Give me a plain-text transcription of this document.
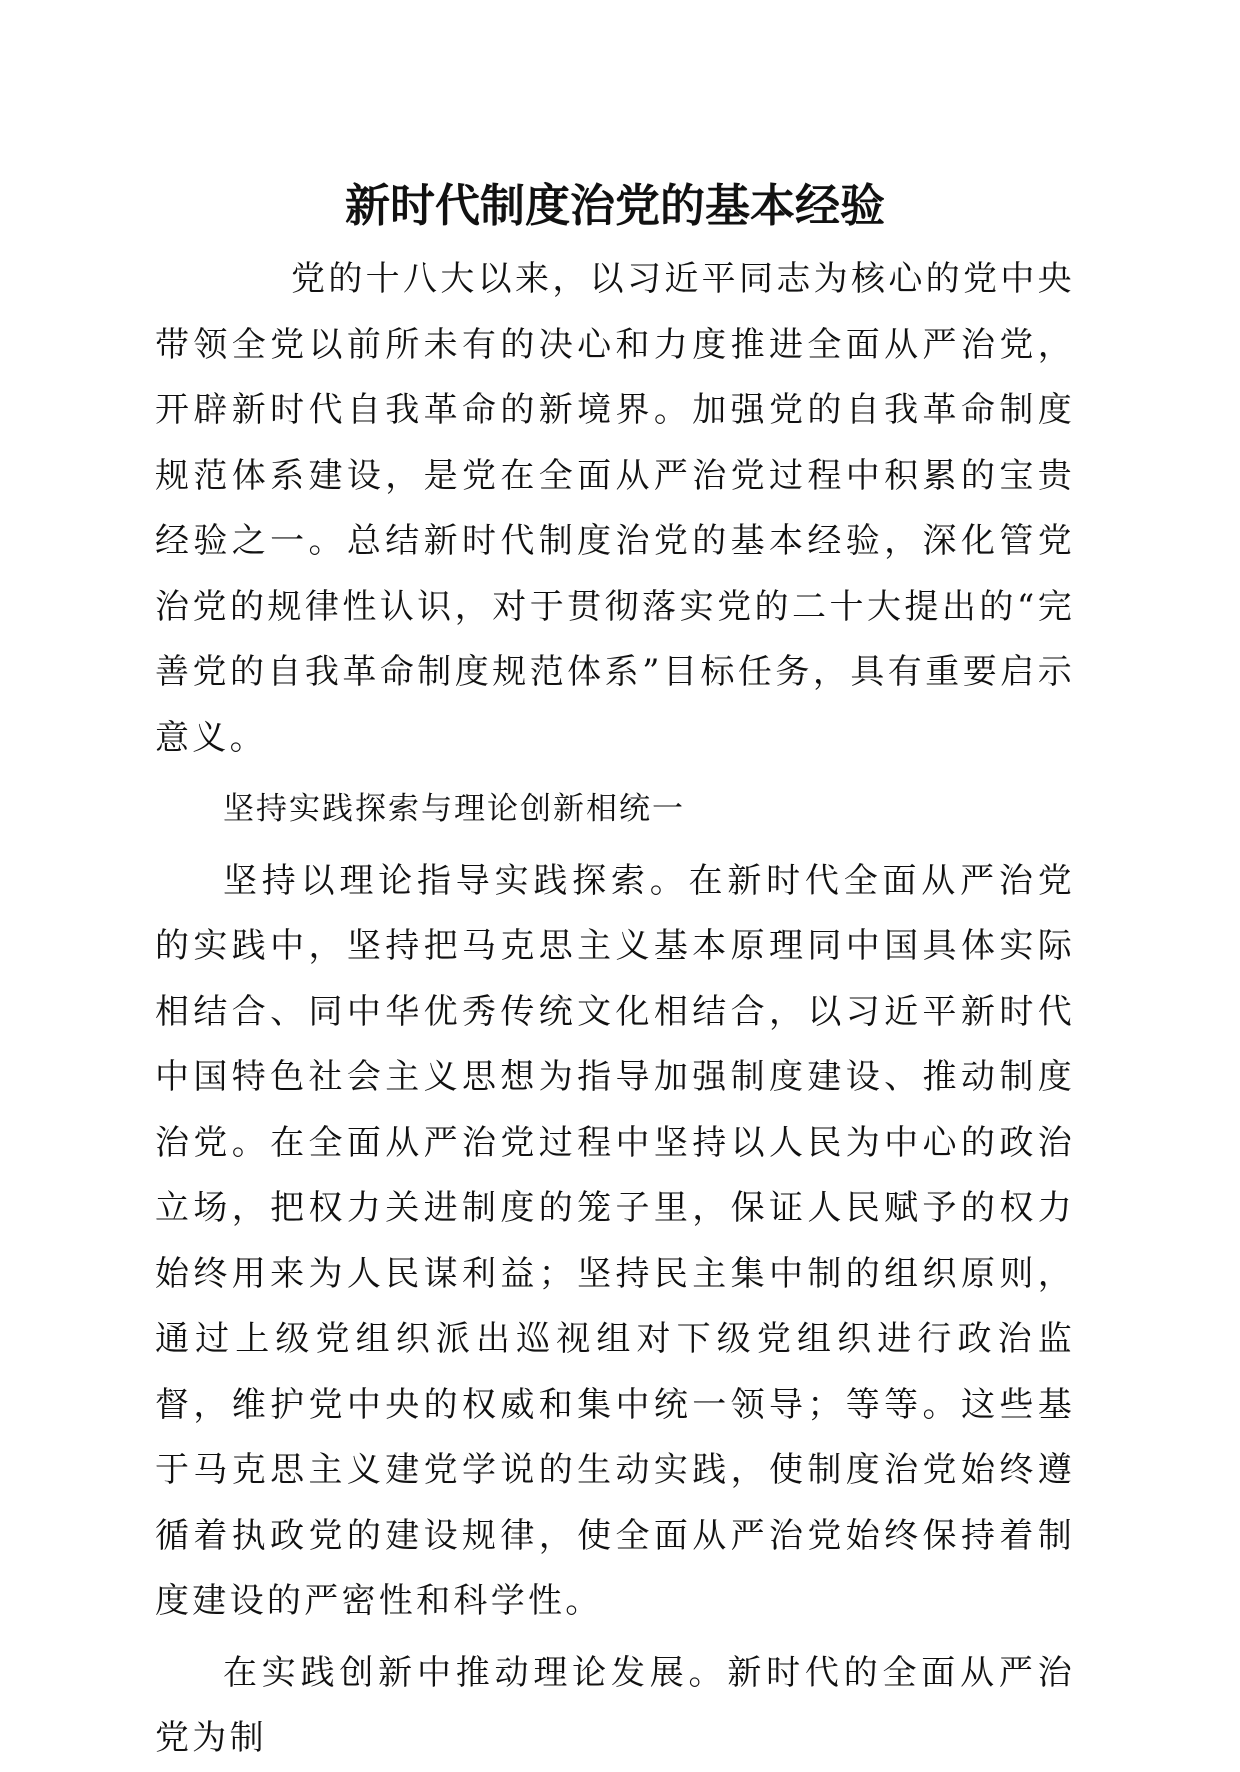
新时代制度治党的基本经验

党的十八大以来，以习近平同志为核心的党中央带领全党以前所未有的决心和力度推进全面从严治党，开辟新时代自我革命的新境界。加强党的自我革命制度规范体系建设，是党在全面从严治党过程中积累的宝贵经验之一。总结新时代制度治党的基本经验，深化管党治党的规律性认识，对于贯彻落实党的二十大提出的“完善党的自我革命制度规范体系”目标任务，具有重要启示意义。

坚持实践探索与理论创新相统一

坚持以理论指导实践探索。在新时代全面从严治党的实践中，坚持把马克思主义基本原理同中国具体实际相结合、同中华优秀传统文化相结合，以习近平新时代中国特色社会主义思想为指导加强制度建设、推动制度治党。在全面从严治党过程中坚持以人民为中心的政治立场，把权力关进制度的笼子里，保证人民赋予的权力始终用来为人民谋利益；坚持民主集中制的组织原则，通过上级党组织派出巡视组对下级党组织进行政治监督，维护党中央的权威和集中统一领导；等等。这些基于马克思主义建党学说的生动实践，使制度治党始终遵循着执政党的建设规律，使全面从严治党始终保持着制度建设的严密性和科学性。

在实践创新中推动理论发展。新时代的全面从严治党为制
